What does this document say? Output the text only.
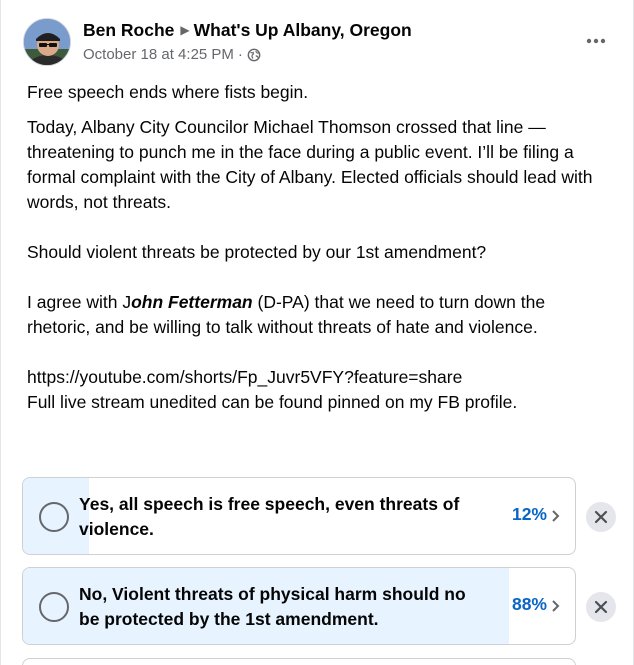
Ben Roche ▶ What's Up Albany, Oregon
October 18 at 4:25 PM ·

Free speech ends where fists begin.

Today, Albany City Councilor Michael Thomson crossed that line — threatening to punch me in the face during a public event. I’ll be filing a formal complaint with the City of Albany. Elected officials should lead with words, not threats.

Should violent threats be protected by our 1st amendment?

I agree with John Fetterman (D-PA) that we need to turn down the rhetoric, and be willing to talk without threats of hate and violence.

https://youtube.com/shorts/Fp_Juvr5VFY?feature=share

Full live stream unedited can be found pinned on my FB profile.

Yes, all speech is free speech, even threats of violence.
12%
No, Violent threats of physical harm should no be protected by the 1st amendment.
88%
